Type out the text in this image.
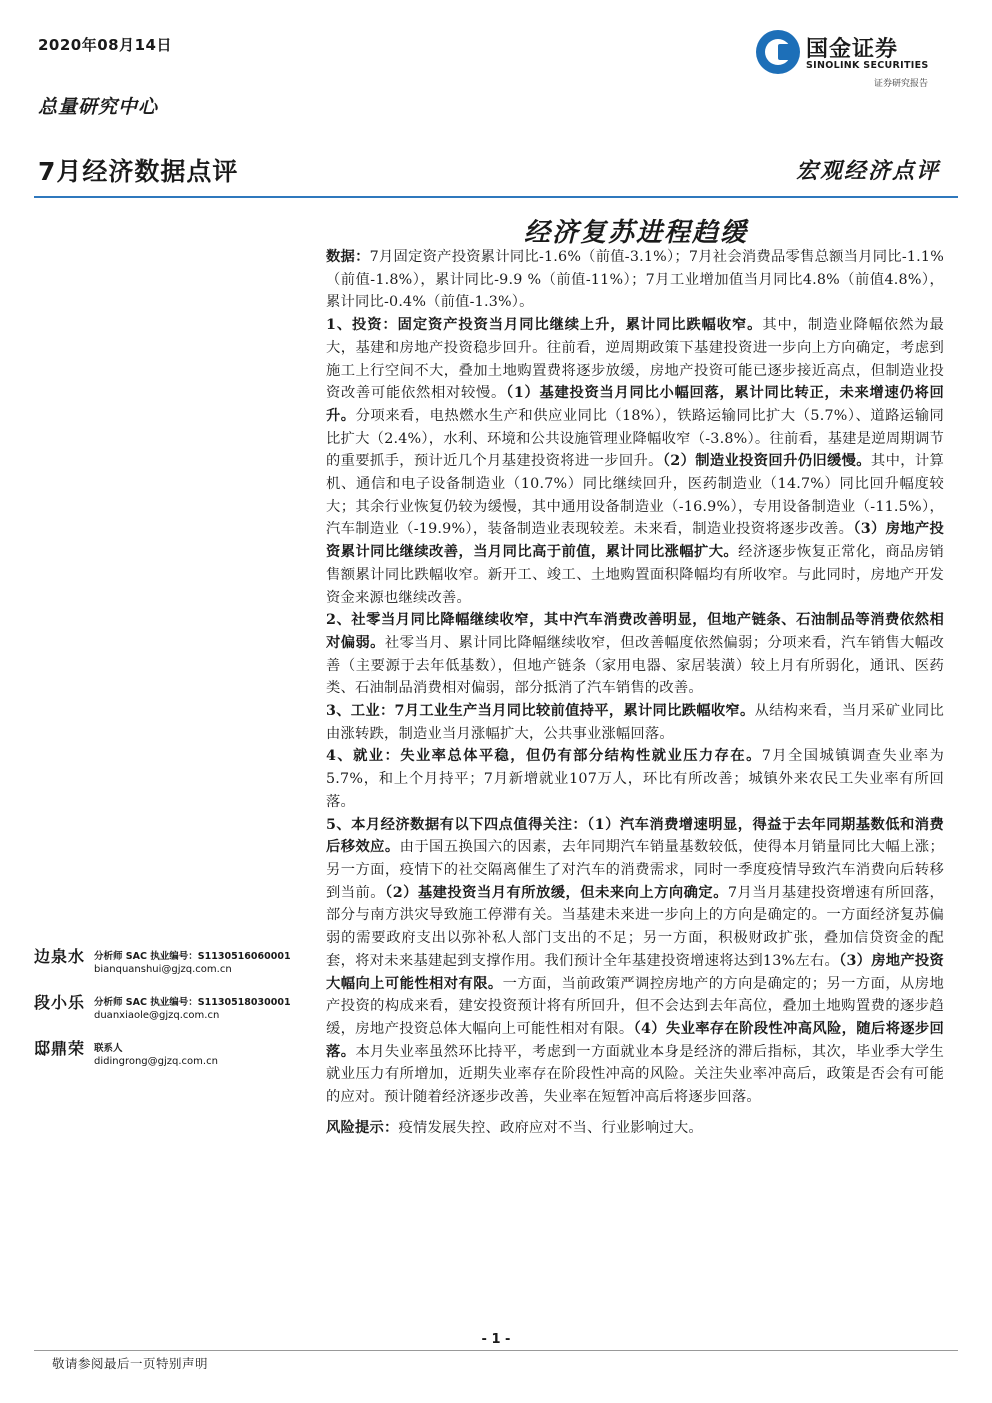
2020年08月14日
总量研究中心
国金证券
SINOLINK SECURITIES
证券研究报告
7月经济数据点评	宏观经济点评
经济复苏进程趋缓

数据：7月固定资产投资累计同比-1.6%（前值-3.1%）；7月社会消费品零售总额当月同比-1.1%（前值-1.8%），累计同比-9.9 %（前值-11%）；7月工业增加值当月同比4.8%（前值4.8%），累计同比-0.4%（前值-1.3%）。

1、投资：固定资产投资当月同比继续上升，累计同比跌幅收窄。其中，制造业降幅依然为最大，基建和房地产投资稳步回升。往前看，逆周期政策下基建投资进一步向上方向确定，考虑到施工上行空间不大，叠加土地购置费将逐步放缓，房地产投资可能已逐步接近高点，但制造业投资改善可能依然相对较慢。（1）基建投资当月同比小幅回落，累计同比转正，未来增速仍将回升。分项来看，电热燃水生产和供应业同比（18%），铁路运输同比扩大（5.7%）、道路运输同比扩大（2.4%），水利、环境和公共设施管理业降幅收窄（-3.8%）。往前看，基建是逆周期调节的重要抓手，预计近几个月基建投资将进一步回升。（2）制造业投资回升仍旧缓慢。其中，计算机、通信和电子设备制造业（10.7%）同比继续回升，医药制造业（14.7%）同比回升幅度较大；其余行业恢复仍较为缓慢，其中通用设备制造业（-16.9%），专用设备制造业（-11.5%），汽车制造业（-19.9%），装备制造业表现较差。未来看，制造业投资将逐步改善。（3）房地产投资累计同比继续改善，当月同比高于前值，累计同比涨幅扩大。经济逐步恢复正常化，商品房销售额累计同比跌幅收窄。新开工、竣工、土地购置面积降幅均有所收窄。与此同时，房地产开发资金来源也继续改善。

2、社零当月同比降幅继续收窄，其中汽车消费改善明显，但地产链条、石油制品等消费依然相对偏弱。社零当月、累计同比降幅继续收窄，但改善幅度依然偏弱；分项来看，汽车销售大幅改善（主要源于去年低基数），但地产链条（家用电器、家居装潢）较上月有所弱化，通讯、医药类、石油制品消费相对偏弱，部分抵消了汽车销售的改善。

3、工业：7月工业生产当月同比较前值持平，累计同比跌幅收窄。从结构来看，当月采矿业同比由涨转跌，制造业当月涨幅扩大，公共事业涨幅回落。

4、就业：失业率总体平稳，但仍有部分结构性就业压力存在。7月全国城镇调查失业率为5.7%，和上个月持平；7月新增就业107万人，环比有所改善；城镇外来农民工失业率有所回落。

5、本月经济数据有以下四点值得关注：（1）汽车消费增速明显，得益于去年同期基数低和消费后移效应。由于国五换国六的因素，去年同期汽车销量基数较低，使得本月销量同比大幅上涨；另一方面，疫情下的社交隔离催生了对汽车的消费需求，同时一季度疫情导致汽车消费向后转移到当前。（2）基建投资当月有所放缓，但未来向上方向确定。7月当月基建投资增速有所回落，部分与南方洪灾导致施工停滞有关。当基建未来进一步向上的方向是确定的。一方面经济复苏偏弱的需要政府支出以弥补私人部门支出的不足；另一方面，积极财政扩张，叠加信贷资金的配套，将对未来基建起到支撑作用。我们预计全年基建投资增速将达到13%左右。（3）房地产投资大幅向上可能性相对有限。一方面，当前政策严调控房地产的方向是确定的；另一方面，从房地产投资的构成来看，建安投资预计将有所回升，但不会达到去年高位，叠加土地购置费的逐步趋缓，房地产投资总体大幅向上可能性相对有限。（4）失业率存在阶段性冲高风险，随后将逐步回落。本月失业率虽然环比持平，考虑到一方面就业本身是经济的滞后指标，其次，毕业季大学生就业压力有所增加，近期失业率存在阶段性冲高的风险。关注失业率冲高后，政策是否会有可能的应对。预计随着经济逐步改善，失业率在短暂冲高后将逐步回落。

风险提示：疫情发展失控、政府应对不当、行业影响过大。

边泉水 分析师 SAC 执业编号：S1130516060001
bianquanshui@gjzq.com.cn
段小乐 分析师 SAC 执业编号：S1130518030001
duanxiaole@gjzq.com.cn
邸鼎荣 联系人
didingrong@gjzq.com.cn
- 1 -
敬请参阅最后一页特别声明
